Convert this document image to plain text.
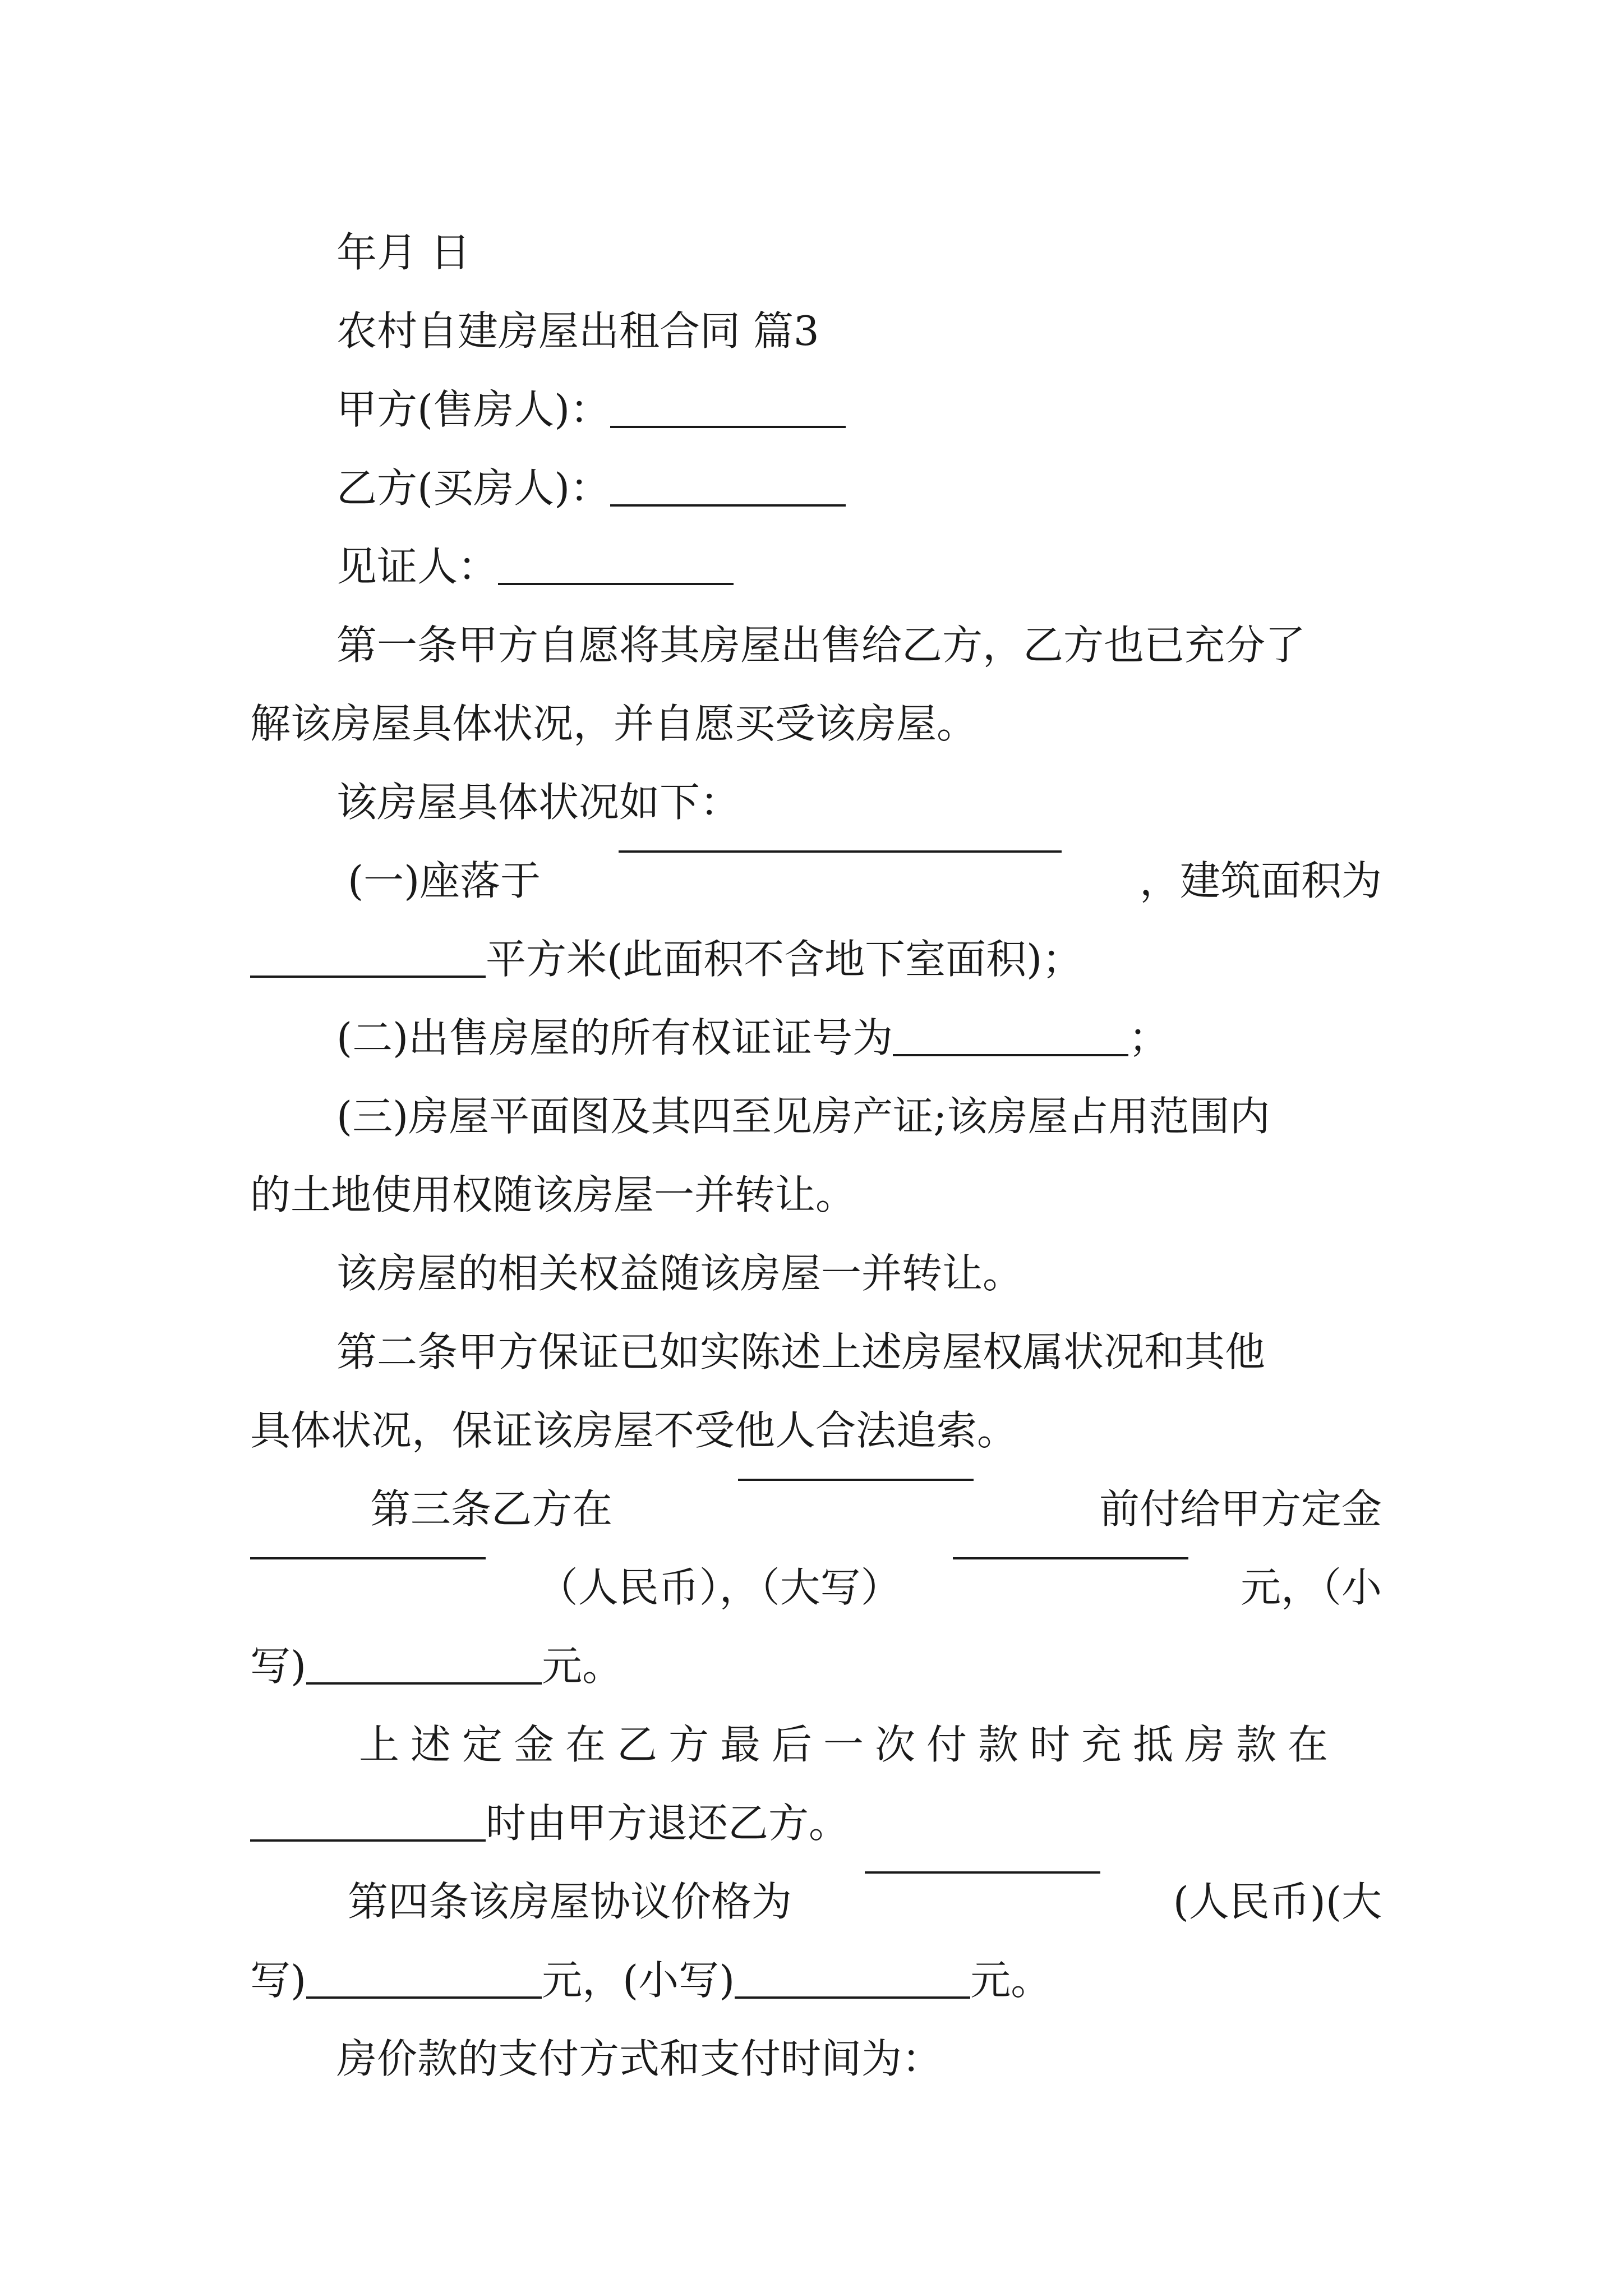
年月 日
农村自建房屋出租合同 篇3
甲方(售房人)：
乙方(买房人)：
见证人：
第一条甲方自愿将其房屋出售给乙方，乙方也已充分了
解该房屋具体状况，并自愿买受该房屋。
该房屋具体状况如下：
(一)座落于	，建筑面积为
平方米(此面积不含地下室面积)；
(二)出售房屋的所有权证证号为	；
(三)房屋平面图及其四至见房产证;该房屋占用范围内
的土地使用权随该房屋一并转让。
该房屋的相关权益随该房屋一并转让。
第二条甲方保证已如实陈述上述房屋权属状况和其他
具体状况，保证该房屋不受他人合法追索。
第三条乙方在	前付给甲方定金
（人民币），（大写）	元，（小
写)	元。
上述定金在乙方最后一次付款时充抵房款在
时由甲方退还乙方。
第四条该房屋协议价格为	(人民币)(大
写)	元，(小写)	元。
房价款的支付方式和支付时间为：
